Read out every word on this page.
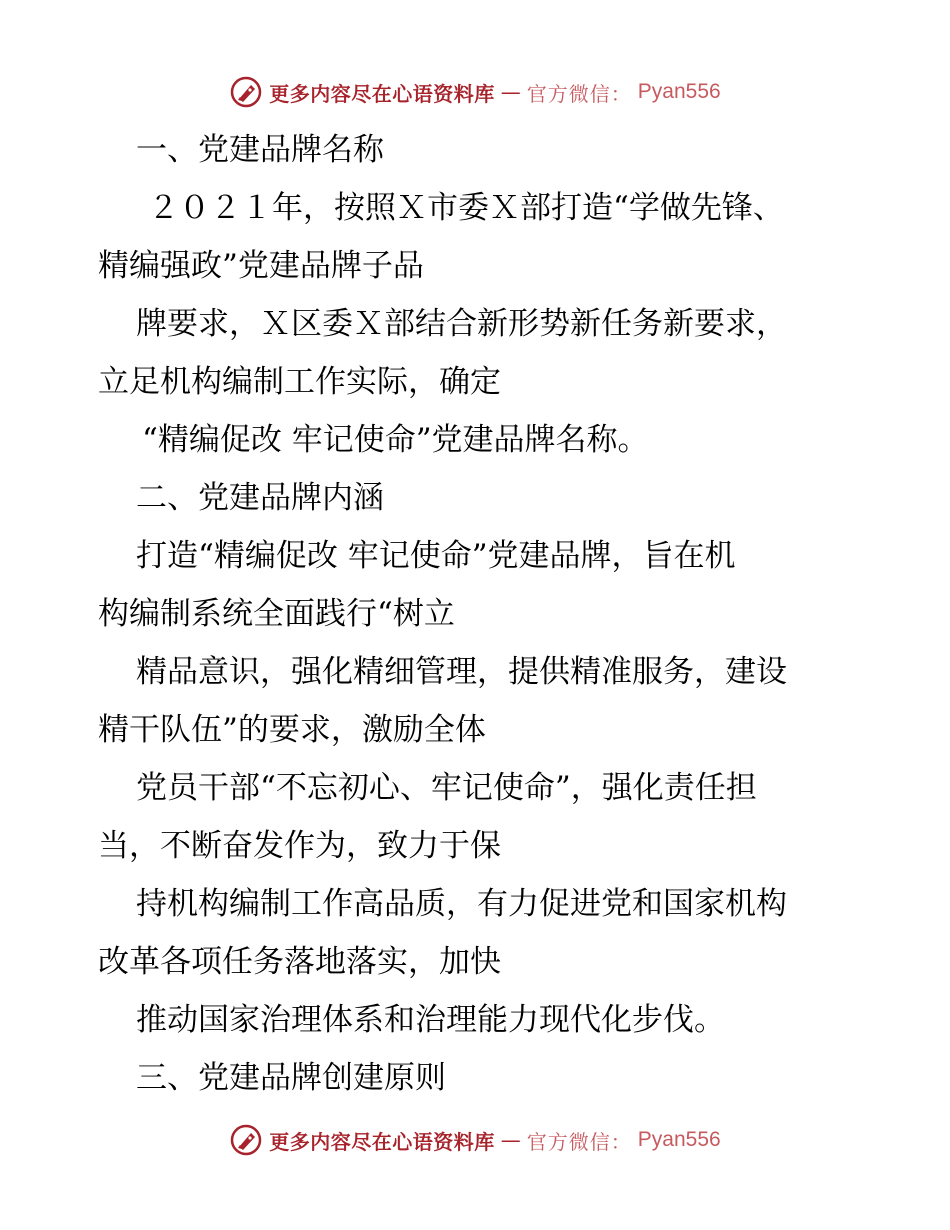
更多内容尽在心语资料库 — 官方微信： Pyan556
一、党建品牌名称
２０２１年，按照Ｘ市委Ｘ部打造“学做先锋、
精编强政”党建品牌子品
牌要求，Ｘ区委Ｘ部结合新形势新任务新要求，
立足机构编制工作实际，确定
“精编促改 牢记使命”党建品牌名称。
二、党建品牌内涵
打造“精编促改 牢记使命”党建品牌，旨在机
构编制系统全面践行“树立
精品意识，强化精细管理，提供精准服务，建设
精干队伍”的要求，激励全体
党员干部“不忘初心、牢记使命”，强化责任担
当，不断奋发作为，致力于保
持机构编制工作高品质，有力促进党和国家机构
改革各项任务落地落实，加快
推动国家治理体系和治理能力现代化步伐。
三、党建品牌创建原则
更多内容尽在心语资料库 — 官方微信： Pyan556
